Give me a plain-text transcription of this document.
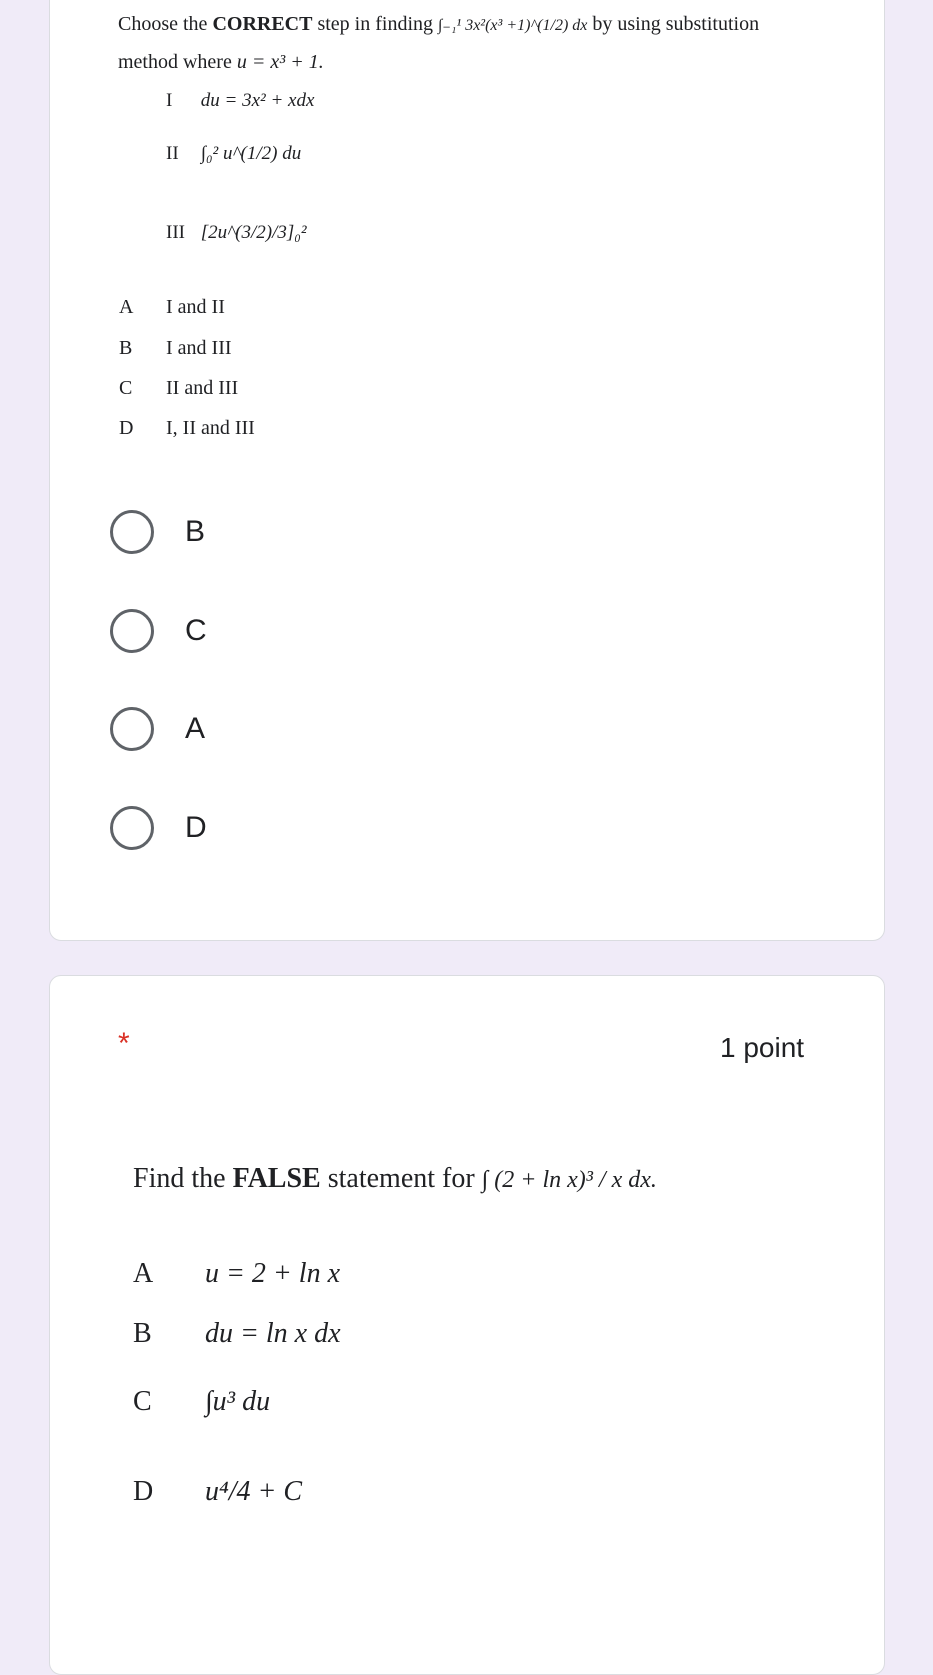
Choose the CORRECT step in finding ∫₋₁¹ 3x²(x³ +1)^(1/2) dx by using substitution
method where u = x³ + 1.
I du = 3x² + xdx
II ∫₀² u^(1/2) du
III [2u^(3/2)/3]₀²
A I and II
B I and III
C II and III
D I, II and III
B
C
A
D
*	1 point
Find the FALSE statement for ∫ (2 + ln x)³ / x dx.
A u = 2 + ln x
B du = ln x dx
C ∫u³ du
D u⁴/4 + C
